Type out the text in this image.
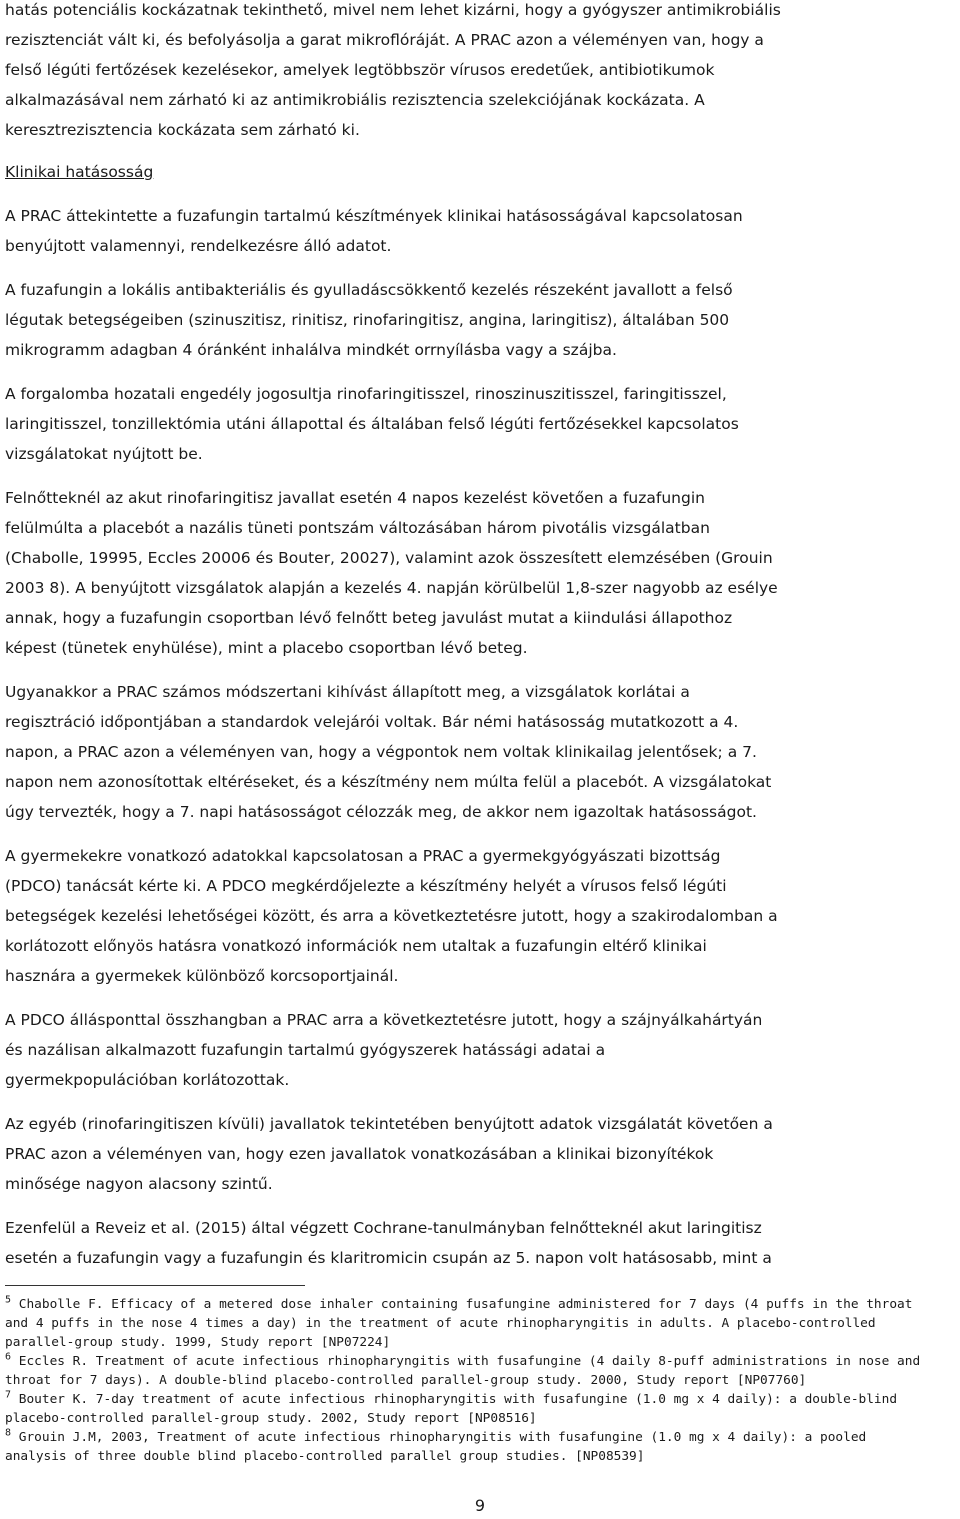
hatás potenciális kockázatnak tekinthető, mivel nem lehet kizárni, hogy a gyógyszer antimikrobiális
rezisztenciát vált ki, és befolyásolja a garat mikroflóráját. A PRAC azon a véleményen van, hogy a
felső légúti fertőzések kezelésekor, amelyek legtöbbször vírusos eredetűek, antibiotikumok
alkalmazásával nem zárható ki az antimikrobiális rezisztencia szelekciójának kockázata. A
keresztrezisztencia kockázata sem zárható ki.

Klinikai hatásosság

A PRAC áttekintette a fuzafungin tartalmú készítmények klinikai hatásosságával kapcsolatosan
benyújtott valamennyi, rendelkezésre álló adatot.

A fuzafungin a lokális antibakteriális és gyulladáscsökkentő kezelés részeként javallott a felső
légutak betegségeiben (szinuszitisz, rinitisz, rinofaringitisz, angina, laringitisz), általában 500
mikrogramm adagban 4 óránként inhalálva mindkét orrnyílásba vagy a szájba.

A forgalomba hozatali engedély jogosultja rinofaringitisszel, rinoszinuszitisszel, faringitisszel,
laringitisszel, tonzillektómia utáni állapottal és általában felső légúti fertőzésekkel kapcsolatos
vizsgálatokat nyújtott be.

Felnőtteknél az akut rinofaringitisz javallat esetén 4 napos kezelést követően a fuzafungin
felülmúlta a placebót a nazális tüneti pontszám változásában három pivotális vizsgálatban
(Chabolle, 19995, Eccles 20006 és Bouter, 20027), valamint azok összesített elemzésében (Grouin
2003 8). A benyújtott vizsgálatok alapján a kezelés 4. napján körülbelül 1,8-szer nagyobb az esélye
annak, hogy a fuzafungin csoportban lévő felnőtt beteg javulást mutat a kiindulási állapothoz
képest (tünetek enyhülése), mint a placebo csoportban lévő beteg.

Ugyanakkor a PRAC számos módszertani kihívást állapított meg, a vizsgálatok korlátai a
regisztráció időpontjában a standardok velejárói voltak. Bár némi hatásosság mutatkozott a 4.
napon, a PRAC azon a véleményen van, hogy a végpontok nem voltak klinikailag jelentősek; a 7.
napon nem azonosítottak eltéréseket, és a készítmény nem múlta felül a placebót. A vizsgálatokat
úgy tervezték, hogy a 7. napi hatásosságot célozzák meg, de akkor nem igazoltak hatásosságot.

A gyermekekre vonatkozó adatokkal kapcsolatosan a PRAC a gyermekgyógyászati bizottság
(PDCO) tanácsát kérte ki. A PDCO megkérdőjelezte a készítmény helyét a vírusos felső légúti
betegségek kezelési lehetőségei között, és arra a következtetésre jutott, hogy a szakirodalomban a
korlátozott előnyös hatásra vonatkozó információk nem utaltak a fuzafungin eltérő klinikai
hasznára a gyermekek különböző korcsoportjainál.

A PDCO állásponttal összhangban a PRAC arra a következtetésre jutott, hogy a szájnyálkahártyán
és nazálisan alkalmazott fuzafungin tartalmú gyógyszerek hatássági adatai a
gyermekpopulációban korlátozottak.

Az egyéb (rinofaringitiszen kívüli) javallatok tekintetében benyújtott adatok vizsgálatát követően a
PRAC azon a véleményen van, hogy ezen javallatok vonatkozásában a klinikai bizonyítékok
minősége nagyon alacsony szintű.

Ezenfelül a Reveiz et al. (2015) által végzett Cochrane-tanulmányban felnőtteknél akut laringitisz
esetén a fuzafungin vagy a fuzafungin és klaritromicin csupán az 5. napon volt hatásosabb, mint a

$^5$ Chabolle F. Efficacy of a metered dose inhaler containing fusafungine administered for 7 days (4 puffs in the throat
and 4 puffs in the nose 4 times a day) in the treatment of acute rhinopharyngitis in adults. A placebo-controlled
parallel-group study. 1999, Study report [NP07224]
$^6$ Eccles R. Treatment of acute infectious rhinopharyngitis with fusafungine (4 daily 8-puff administrations in nose and
throat for 7 days). A double-blind placebo-controlled parallel-group study. 2000, Study report [NP07760]
$^7$ Bouter K. 7-day treatment of acute infectious rhinopharyngitis with fusafungine (1.0 mg x 4 daily): a double-blind
placebo-controlled parallel-group study. 2002, Study report [NP08516]
$^8$ Grouin J.M, 2003, Treatment of acute infectious rhinopharyngitis with fusafungine (1.0 mg x 4 daily): a pooled
analysis of three double blind placebo-controlled parallel group studies. [NP08539]
9
